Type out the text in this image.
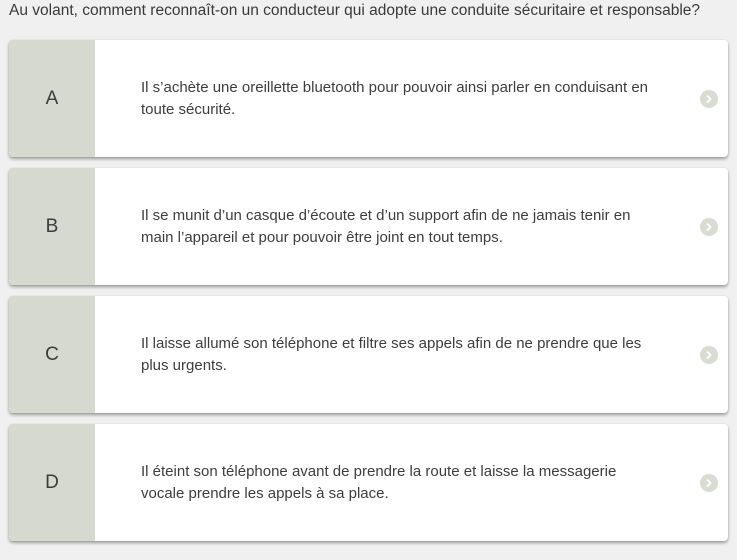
Au volant, comment reconnaît-on un conducteur qui adopte une conduite sécuritaire et responsable?
A
Il s’achète une oreillette bluetooth pour pouvoir ainsi parler en conduisant en toute sécurité.
B
Il se munit d’un casque d’écoute et d’un support afin de ne jamais tenir en main l’appareil et pour pouvoir être joint en tout temps.
C
Il laisse allumé son téléphone et filtre ses appels afin de ne prendre que les plus urgents.
D
Il éteint son téléphone avant de prendre la route et laisse la messagerie vocale prendre les appels à sa place.
